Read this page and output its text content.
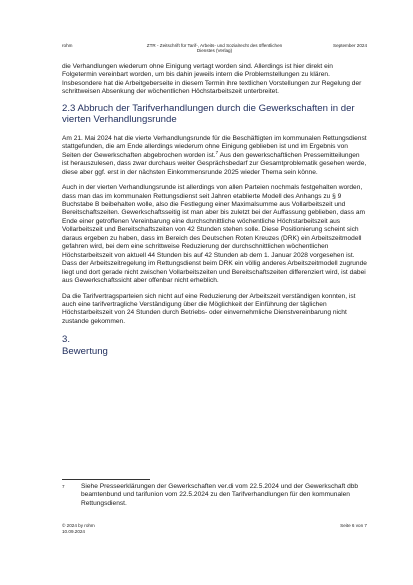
rohm	ZTR - Zeitschrift für Tarif-, Arbeits- und Sozialrecht des öffentlichen
Dienstes (Verlag)
September 2024

die Verhandlungen wiederum ohne Einigung vertagt worden sind. Allerdings ist hier direkt ein Folgetermin vereinbart worden, um bis dahin jeweils intern die Problemstellungen zu klären. Insbesondere hat die Arbeitgeberseite in diesem Termin ihre textlichen Vorstellungen zur Regelung der schrittweisen Absenkung der wöchentlichen Höchstarbeitszeit unterbreitet.

2.3 Abbruch der Tarifverhandlungen durch die Gewerkschaften in der vierten Verhandlungsrunde

Am 21. Mai 2024 hat die vierte Verhandlungsrunde für die Beschäftigten im kommunalen Rettungsdienst stattgefunden, die am Ende allerdings wiederum ohne Einigung geblieben ist und im Ergebnis von Seiten der Gewerkschaften abgebrochen worden ist.$^7$ Aus den gewerkschaftlichen Pressemitteilungen ist herauszulesen, dass zwar durchaus weiter Gesprächsbedarf zur Gesamtproblematik gesehen werde, diese aber ggf. erst in der nächsten Einkommensrunde 2025 wieder Thema sein könne.

Auch in der vierten Verhandlungsrunde ist allerdings von allen Parteien nochmals festgehalten worden, dass man das im kommunalen Rettungsdienst seit Jahren etablierte Modell des Anhangs zu § 9 Buchstabe B beibehalten wolle, also die Festlegung einer Maximalsumme aus Vollarbeitszeit und Bereitschaftszeiten. Gewerkschaftsseitig ist man aber bis zuletzt bei der Auffassung geblieben, dass am Ende einer getroffenen Vereinbarung eine durchschnittliche wöchentliche Höchstarbeitszeit aus Vollarbeitszeit und Bereitschaftszeiten von 42 Stunden stehen solle. Diese Positionierung scheint sich daraus ergeben zu haben, dass im Bereich des Deutschen Roten Kreuzes (DRK) ein Arbeitszeitmodell gefahren wird, bei dem eine schrittweise Reduzierung der durchschnittlichen wöchentlichen Höchstarbeitszeit von aktuell 44 Stunden bis auf 42 Stunden ab dem 1. Januar 2028 vorgesehen ist. Dass der Arbeitszeitregelung im Rettungsdienst beim DRK ein völlig anderes Arbeitszeitmodell zugrunde liegt und dort gerade nicht zwischen Vollarbeitszeiten und Bereitschaftszeiten differenziert wird, ist dabei aus Gewerkschaftssicht aber offenbar nicht erheblich.

Da die Tarifvertragsparteien sich nicht auf eine Reduzierung der Arbeitszeit verständigen konnten, ist auch eine tarifvertragliche Verständigung über die Möglichkeit der Einführung der täglichen Höchstarbeitszeit von 24 Stunden durch Betriebs- oder einvernehmliche Dienstvereinbarung nicht zustande gekommen.

3.
Bewertung
7 Siehe Presseerklärungen der Gewerkschaften ver.di vom 22.5.2024 und der Gewerkschaft dbb beamtenbund und tarifunion vom 22.5.2024 zu den Tarifverhandlungen für den kommunalen Rettungsdienst.
© 2024 by rohm
10.09.2024
Seite 6 von 7
